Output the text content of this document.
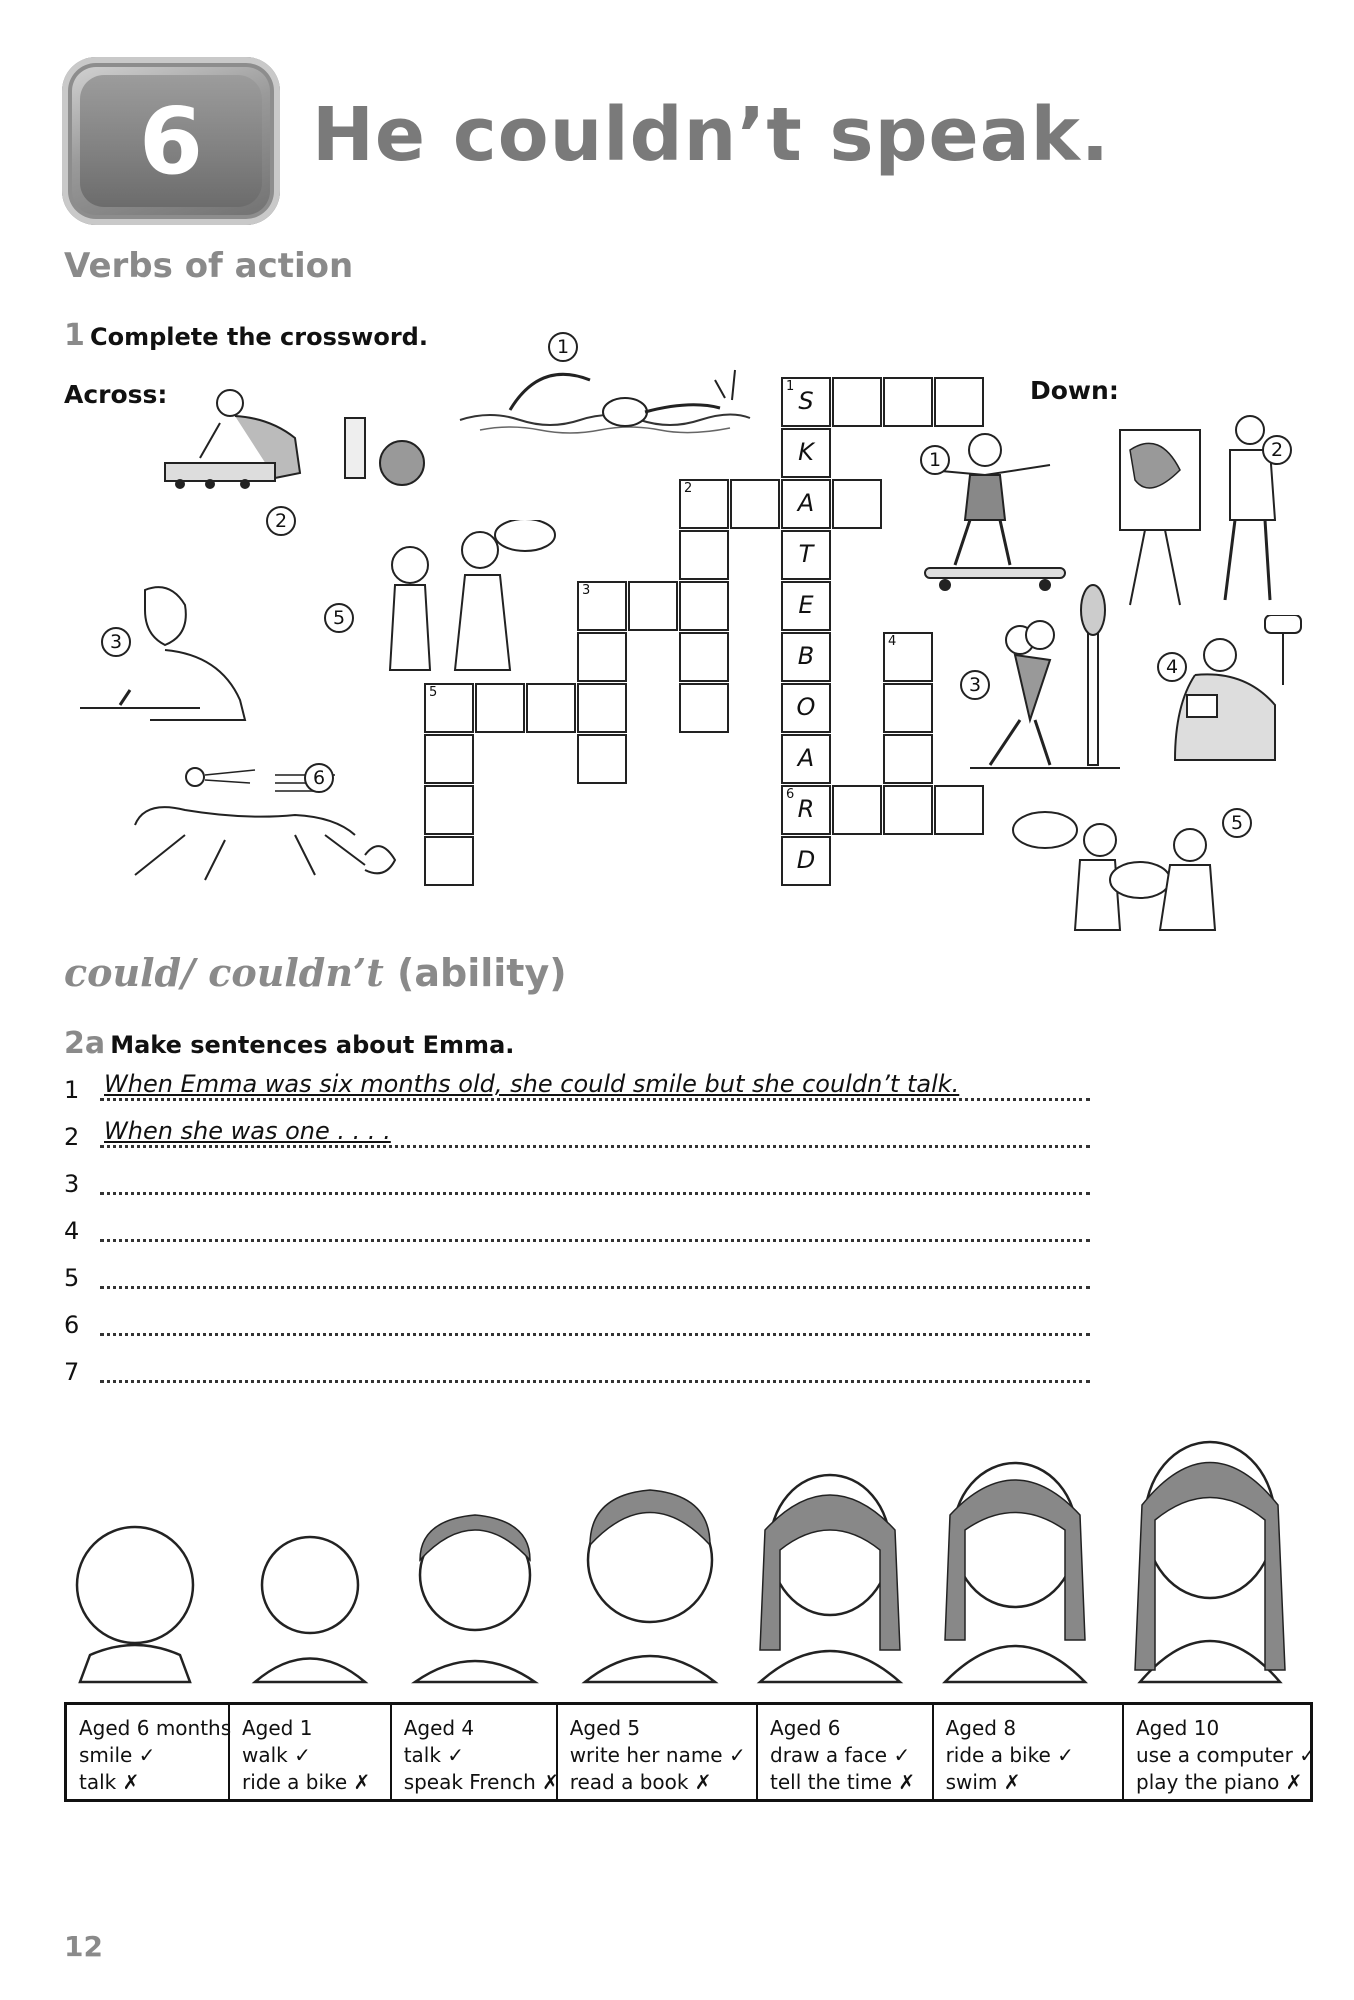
6 He couldn’t speak.
Verbs of action
1 Complete the crossword.
Across:	Down:
1
S
K
2
A
T
3
E
B
4
5
O
A
6
R
D
1
2
3
5
6
1	2
3
4
5
could/ couldn’t (ability)
2a Make sentences about Emma.
1 When Emma was six months old, she could smile but she couldn’t talk.
2 When she was one . . . .
3
4
5
6
7
Aged 6 months
smile ✓
talk ✗
Aged 1
walk ✓
ride a bike ✗
Aged 4
talk ✓
speak French ✗
Aged 5
write her name ✓
read a book ✗
Aged 6
draw a face ✓
tell the time ✗
Aged 8
ride a bike ✓
swim ✗
Aged 10
use a computer ✓
play the piano ✗
12
